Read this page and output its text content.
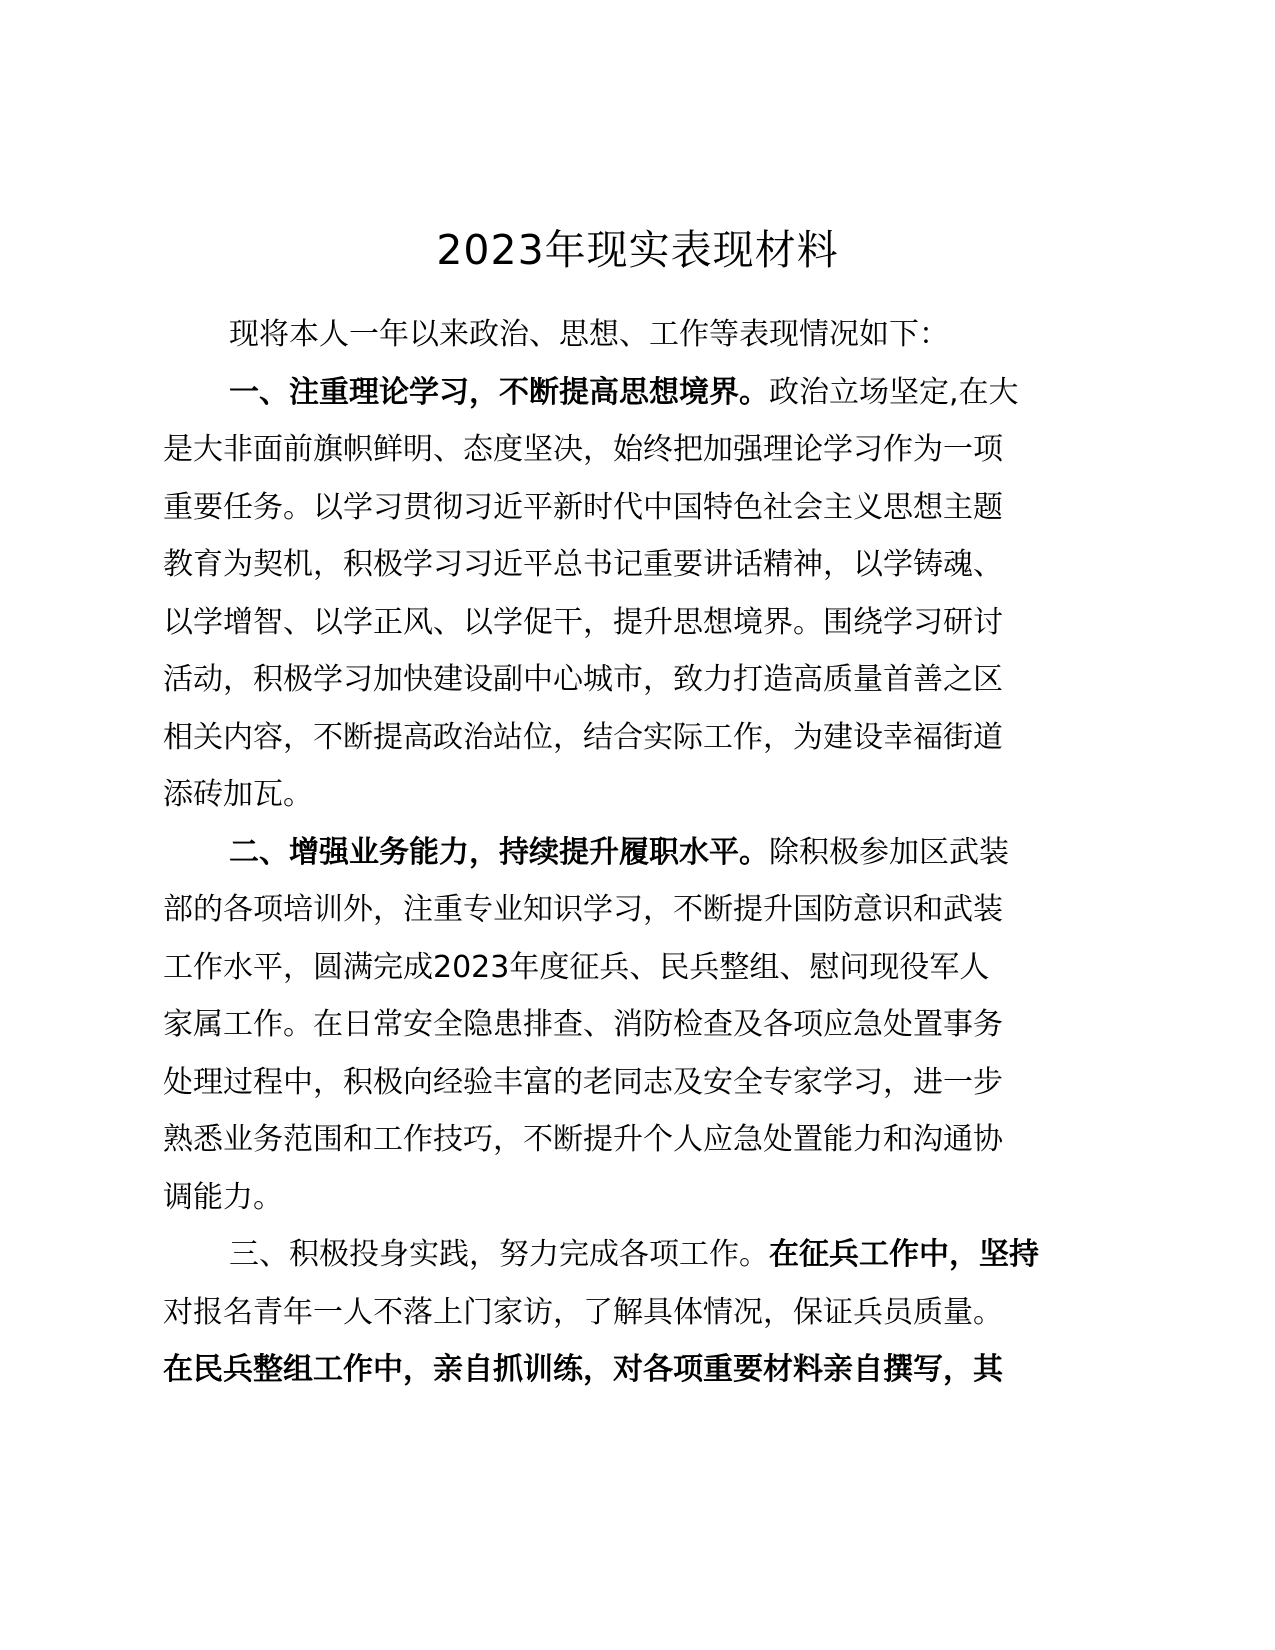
2023年现实表现材料
现将本人一年以来政治、思想、工作等表现情况如下：
一、注重理论学习，不断提高思想境界。政治立场坚定,在大
是大非面前旗帜鲜明、态度坚决，始终把加强理论学习作为一项
重要任务。以学习贯彻习近平新时代中国特色社会主义思想主题
教育为契机，积极学习习近平总书记重要讲话精神，以学铸魂、
以学增智、以学正风、以学促干，提升思想境界。围绕学习研讨
活动，积极学习加快建设副中心城市，致力打造高质量首善之区
相关内容，不断提高政治站位，结合实际工作，为建设幸福街道
添砖加瓦。
二、增强业务能力，持续提升履职水平。除积极参加区武装
部的各项培训外，注重专业知识学习，不断提升国防意识和武装
工作水平，圆满完成2023年度征兵、民兵整组、慰问现役军人
家属工作。在日常安全隐患排查、消防检查及各项应急处置事务
处理过程中，积极向经验丰富的老同志及安全专家学习，进一步
熟悉业务范围和工作技巧，不断提升个人应急处置能力和沟通协
调能力。
三、积极投身实践，努力完成各项工作。在征兵工作中，坚持
对报名青年一人不落上门家访，了解具体情况，保证兵员质量。
在民兵整组工作中，亲自抓训练，对各项重要材料亲自撰写，其
